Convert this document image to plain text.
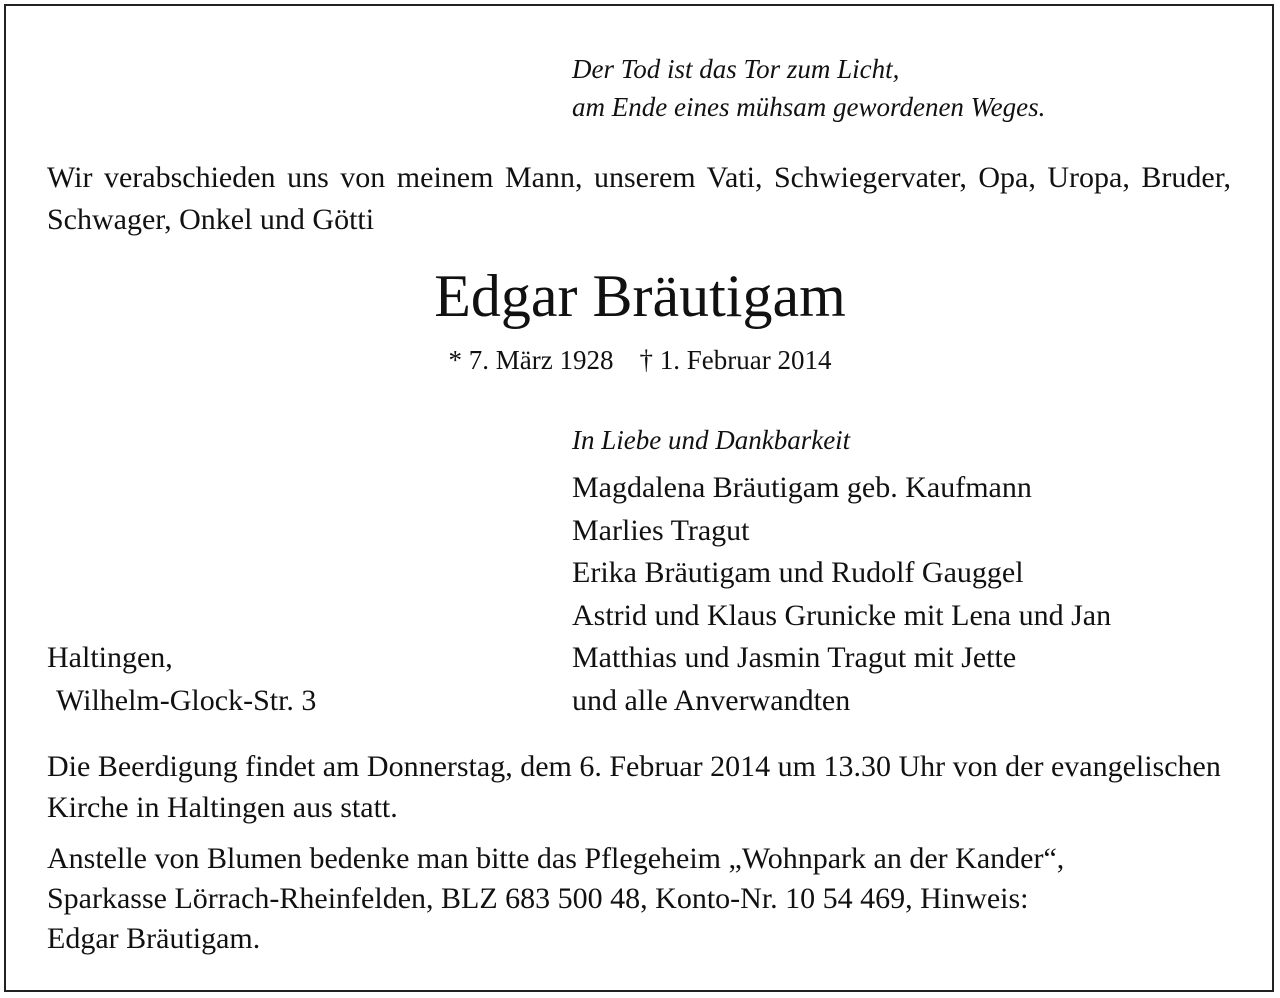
Der Tod ist das Tor zum Licht,
am Ende eines mühsam gewordenen Weges.

Wir verabschieden uns von meinem Mann, unserem Vati, Schwiegervater, Opa, Uropa, Bruder, Schwager, Onkel und Götti

Edgar Bräutigam
* 7. März 1928 † 1. Februar 2014
In Liebe und Dankbarkeit
Magdalena Bräutigam geb. Kaufmann
Marlies Tragut
Erika Bräutigam und Rudolf Gauggel
Astrid und Klaus Grunicke mit Lena und Jan
Matthias und Jasmin Tragut mit Jette
und alle Anverwandten
Haltingen,
Wilhelm-Glock-Str. 3

Die Beerdigung findet am Donnerstag, dem 6. Februar 2014 um 13.30 Uhr von der evangelischen Kirche in Haltingen aus statt.

Anstelle von Blumen bedenke man bitte das Pflegeheim „Wohnpark an der Kander“,
Sparkasse Lörrach-Rheinfelden, BLZ 683 500 48, Konto-Nr. 10 54 469, Hinweis:
Edgar Bräutigam.
